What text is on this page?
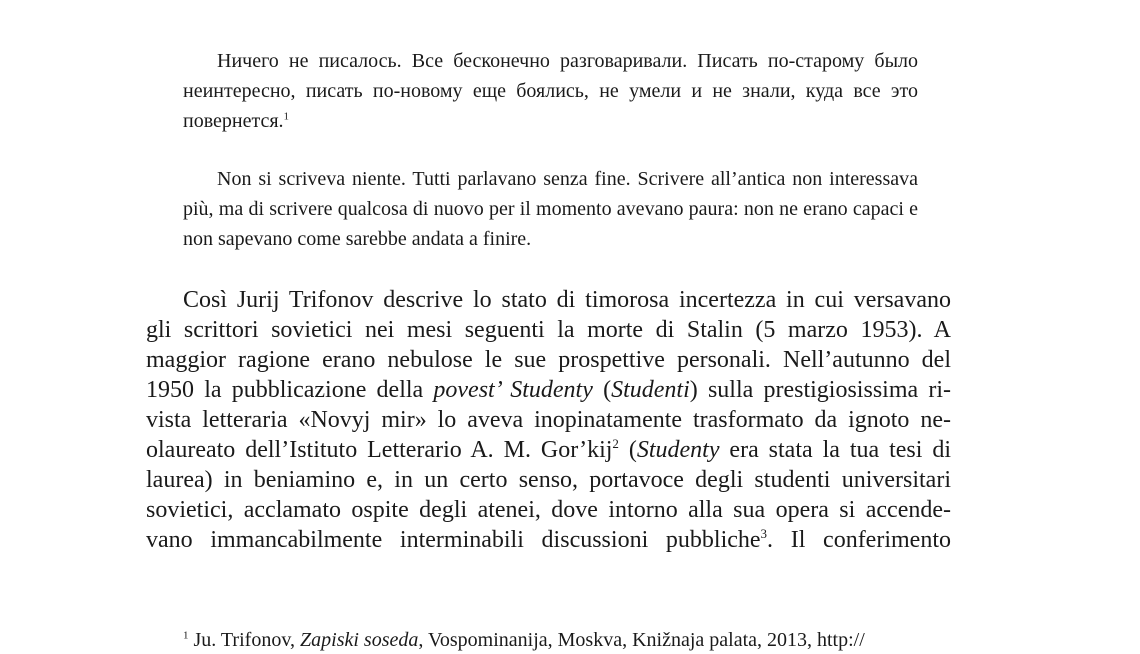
Ничего не писалось. Все бесконечно разговаривали. Писать по-старому было неинтересно, писать по-новому еще боялись, не умели и не знали, куда все это повернется.$^1$

Non si scriveva niente. Tutti parlavano senza fine. Scrivere all’antica non interessava più, ma di scrivere qualcosa di nuovo per il momento avevano paura: non ne erano capaci e non sapevano come sarebbe andata a finire.

Così Jurij Trifonov descrive lo stato di timorosa incertezza in cui versavano
gli scrittori sovietici nei mesi seguenti la morte di Stalin (5 marzo 1953). A
maggior ragione erano nebulose le sue prospettive personali. Nell’autunno del
1950 la pubblicazione della povest’ Studenty (Studenti) sulla prestigiosissima ri-
vista letteraria «Novyj mir» lo aveva inopinatamente trasformato da ignoto ne-
olaureato dell’Istituto Letterario A. M. Gor’kij$^2$ (Studenty era stata la tua tesi di
laurea) in beniamino e, in un certo senso, portavoce degli studenti universitari
sovietici, acclamato ospite degli atenei, dove intorno alla sua opera si accende-
vano immancabilmente interminabili discussioni pubbliche$^3$. Il conferimento
$^1$ Ju. Trifonov, Zapiski soseda, Vospominanija, Moskva, Knižnaja palata, 2013, http://
